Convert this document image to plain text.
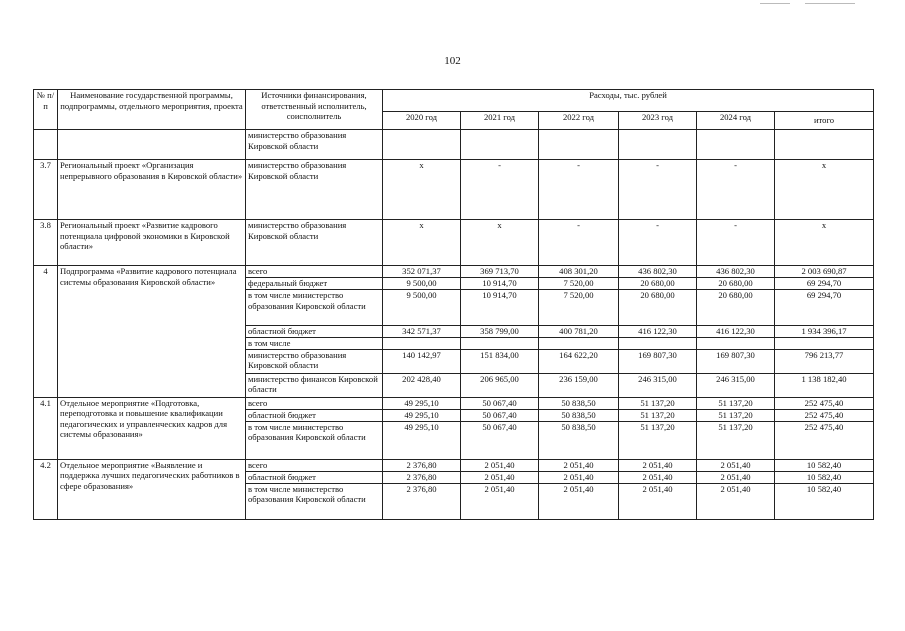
102
№ п/п	Наименование государственной программы, подпрограммы, отдельного мероприятия, проекта	Источники финансирования, ответственный исполнитель, соисполнитель	Расходы, тыс. рублей					
			2020 год	2021 год	2022 год	2023 год	2024 год	итого
		министерство образования Кировской области						
3.7	Региональный проект «Организация непрерывного образования в Кировской области»	министерство образования Кировской области	х	-	-	-	-	х
3.8	Региональный проект «Развитие кадрового потенциала цифровой экономики в Кировской области»	министерство образования Кировской области	х	х	-	-	-	х
4	Подпрограмма «Развитие кадрового потенциала системы образования Кировской области»	всего	352 071,37	369 713,70	408 301,20	436 802,30	436 802,30	2 003 690,87
		федеральный бюджет	9 500,00	10 914,70	7 520,00	20 680,00	20 680,00	69 294,70
		в том числе министерство образования Кировской области	9 500,00	10 914,70	7 520,00	20 680,00	20 680,00	69 294,70
		областной бюджет	342 571,37	358 799,00	400 781,20	416 122,30	416 122,30	1 934 396,17
		в том числе						
		министерство образования Кировской области	140 142,97	151 834,00	164 622,20	169 807,30	169 807,30	796 213,77
		министерство финансов Кировской области	202 428,40	206 965,00	236 159,00	246 315,00	246 315,00	1 138 182,40
4.1	Отдельное мероприятие «Подготовка, переподготовка и повышение квалификации педагогических и управленческих кадров для системы образования»	всего	49 295,10	50 067,40	50 838,50	51 137,20	51 137,20	252 475,40
		областной бюджет	49 295,10	50 067,40	50 838,50	51 137,20	51 137,20	252 475,40
		в том числе министерство образования Кировской области	49 295,10	50 067,40	50 838,50	51 137,20	51 137,20	252 475,40
4.2	Отдельное мероприятие «Выявление и поддержка лучших педагогических работников в сфере образования»	всего	2 376,80	2 051,40	2 051,40	2 051,40	2 051,40	10 582,40
		областной бюджет	2 376,80	2 051,40	2 051,40	2 051,40	2 051,40	10 582,40
		в том числе министерство образования Кировской области	2 376,80	2 051,40	2 051,40	2 051,40	2 051,40	10 582,40
